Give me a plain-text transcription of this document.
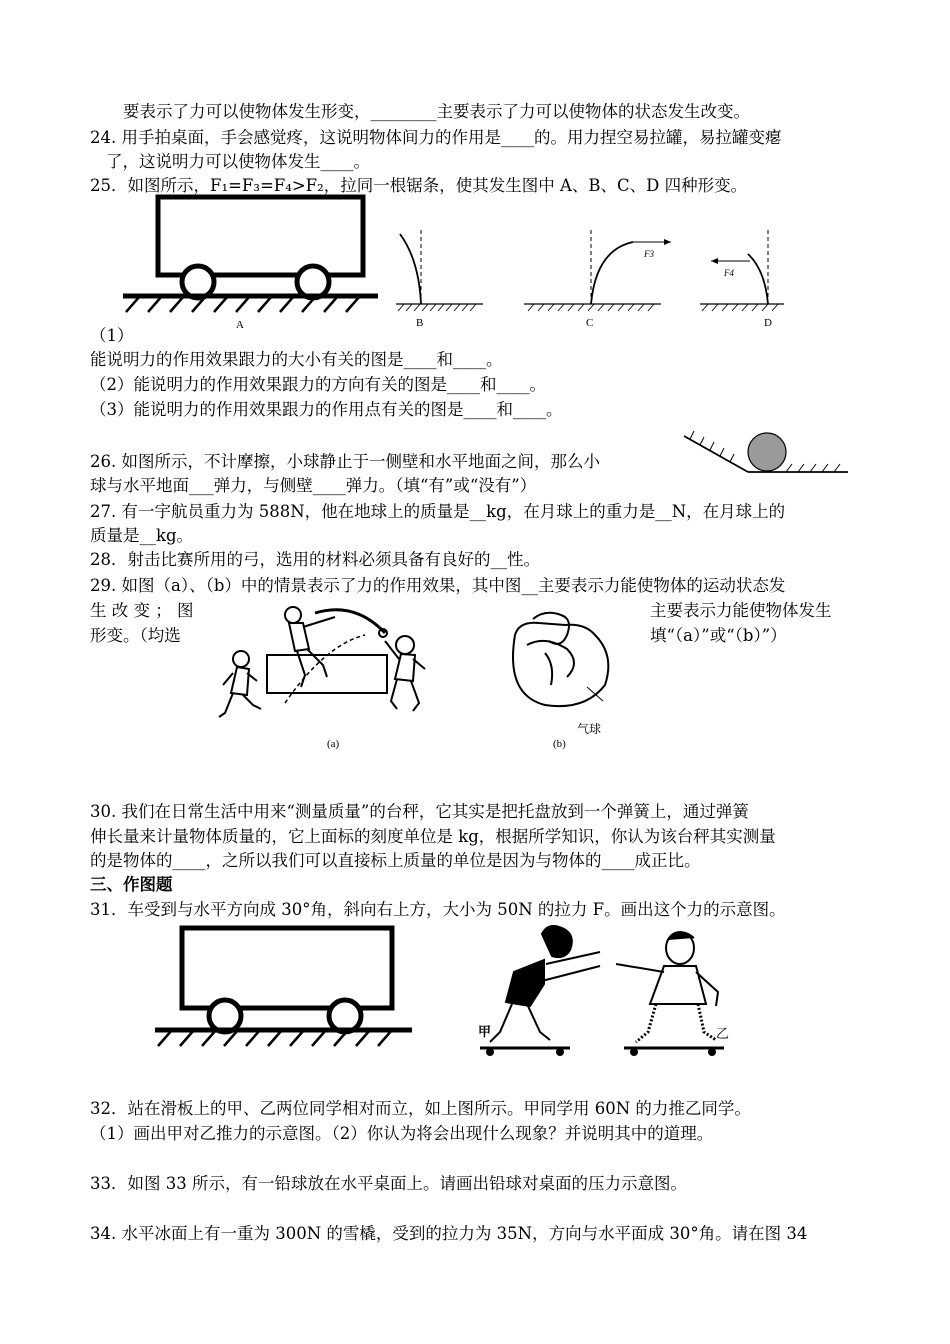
要表示了力可以使物体发生形变，________主要表示了力可以使物体的状态发生改变。
24. 用手拍桌面，手会感觉疼，这说明物体间力的作用是____的。用力捏空易拉罐，易拉罐变瘪
了，这说明力可以使物体发生____。
25．如图所示，F₁=F₃=F₄>F₂，拉同一根锯条，使其发生图中 A、B、C、D 四种形变。
A	B
F3
C
F4
D
（1）
能说明力的作用效果跟力的大小有关的图是____和____。
（2）能说明力的作用效果跟力的方向有关的图是____和____。
（3）能说明力的作用效果跟力的作用点有关的图是____和____。
26. 如图所示，不计摩擦，小球静止于一侧壁和水平地面之间，那么小
球与水平地面___弹力，与侧壁____弹力。（填“有”或“没有”）
27. 有一宇航员重力为 588N，他在地球上的质量是__kg，在月球上的重力是__N，在月球上的
质量是__kg。
28．射击比赛所用的弓，选用的材料必须具备有良好的__性。
29. 如图（a）、（b）中的情景表示了力的作用效果，其中图__主要表示力能使物体的运动状态发
生 改 变 ； 图	主要表示力能使物体发生
形变。（均选	填“（a）”或“（b）”）
(a)
气球
(b)
30. 我们在日常生活中用来“测量质量”的台秤，它其实是把托盘放到一个弹簧上，通过弹簧
伸长量来计量物体质量的，它上面标的刻度单位是 kg，根据所学知识，你认为该台秤其实测量
的是物体的____，之所以我们可以直接标上质量的单位是因为与物体的____成正比。
三、作图题
31．车受到与水平方向成 30°角，斜向右上方，大小为 50N 的拉力 F。画出这个力的示意图。
甲	乙
32．站在滑板上的甲、乙两位同学相对而立，如上图所示。甲同学用 60N 的力推乙同学。
（1）画出甲对乙推力的示意图。（2）你认为将会出现什么现象？并说明其中的道理。
33．如图 33 所示，有一铅球放在水平桌面上。请画出铅球对桌面的压力示意图。
34. 水平冰面上有一重为 300N 的雪橇，受到的拉力为 35N，方向与水平面成 30°角。请在图 34
